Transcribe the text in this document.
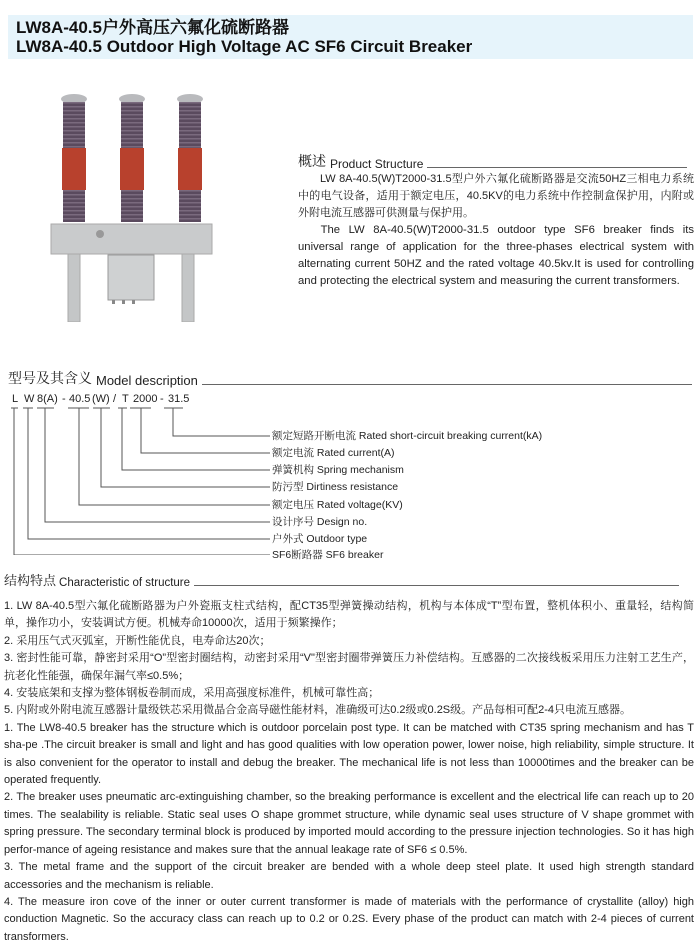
LW8A-40.5户外高压六氟化硫断路器
LW8A-40.5 Outdoor High Voltage AC SF6 Circuit Breaker
概述 Product Structure
LW 8A-40.5(W)T2000-31.5型户外六氟化硫断路器是交流50HZ三相电力系统中的电气设备，适用于额定电压，40.5KV的电力系统中作控制盒保护用，内附或外附电流互感器可供测量与保护用。
The LW 8A-40.5(W)T2000-31.5 outdoor type SF6 breaker finds its universal range of application for the three-phases electrical system with alternating current 50HZ and the rated voltage 40.5kv.It is used for controlling and protecting the electrical system and measuring the current transformers.
型号及其含义 Model description
L W 8(A) - 40.5 (W) / T 2000 - 31.5
额定短路开断电流 Rated short-circuit breaking current(kA)
额定电流 Rated current(A)
弹簧机构 Spring mechanism
防污型 Dirtiness resistance
额定电压 Rated voltage(KV)
设计序号 Design no.
户外式 Outdoor type
SF6断路器 SF6 breaker
结构特点 Characteristic of structure

1. LW 8A-40.5型六氟化硫断路器为户外瓷瓶支柱式结构，配CT35型弹簧操动结构，机构与本体成“T”型布置，整机体积小、重量轻，结构简单，操作功小，安装调试方便。机械寿命10000次，适用于频繁操作；

2. 采用压气式灭弧室，开断性能优良，电寿命达20次；

3. 密封性能可靠，静密封采用“O”型密封圈结构，动密封采用“V"型密封圈带弹簧压力补偿结构。互感器的二次接线板采用压力注射工艺生产，抗老化性能强，确保年漏气率≤0.5%；

4. 安装底架和支撑为整体钢板卷制而成，采用高强度标准件，机械可靠性高；

5. 内附或外附电流互感器计量级铁芯采用微晶合金高导磁性能材料，准确级可达0.2级或0.2S级。产品每相可配2-4只电流互感器。

1. The LW8-40.5 breaker has the structure which is outdoor porcelain post type. It can be matched with CT35 spring mechanism and has T sha-pe .The circuit breaker is small and light and has good qualities with low operation power, lower noise, high reliability, simple structure. It is also convenient for the operator to install and debug the breaker. The mechanical life is not less than 10000times and the breaker can be operated frequently.

2. The breaker uses pneumatic arc-extinguishing chamber, so the breaking performance is excellent and the electrical life can reach up to 20 times. The sealability is reliable. Static seal uses O shape grommet structure, while dynamic seal uses structure of V shape grommet with spring pressure. The secondary terminal block is produced by imported mould according to the pressure injection technologies. So it has high perfor-mance of ageing resistance and makes sure that the annual leakage rate of SF6 ≤ 0.5%.

3. The metal frame and the support of the circuit breaker are bended with a whole deep steel plate. It used high strength standard accessories and the mechanism is reliable.

4. The measure iron cove of the inner or outer current transformer is made of materials with the performance of crystallite (alloy) high conduction Magnetic. So the accuracy class can reach up to 0.2 or 0.2S. Every phase of the product can match with 2-4 pieces of current transformers.
